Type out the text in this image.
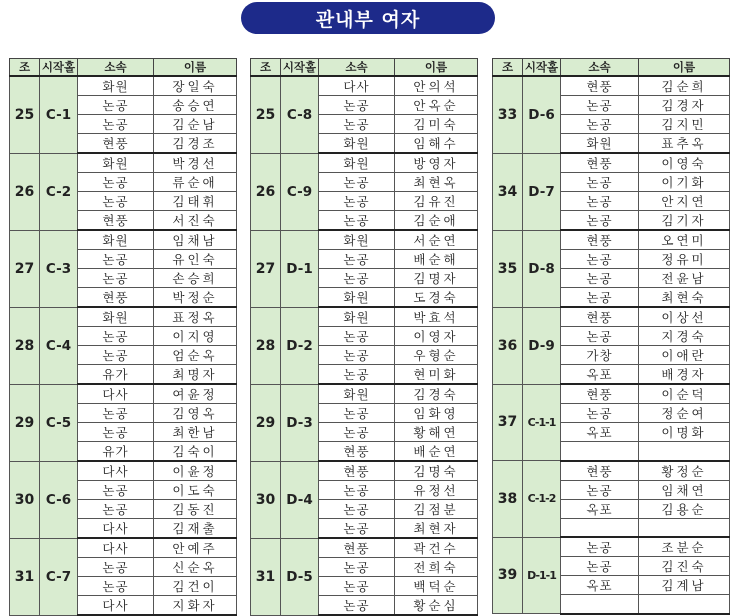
관내부 여자
조	시작홀	소속	이름
25	C-1	화원	장일숙
		논공	송승연
		논공	김순남
		현풍	김경조
26	C-2	화원	박경선
		논공	류순애
		논공	김태휘
		현풍	서진숙
27	C-3	화원	임채남
		논공	유인숙
		논공	손승희
		현풍	박정순
28	C-4	화원	표정옥
		논공	이지영
		논공	엄순옥
		유가	최명자
29	C-5	다사	여윤정
		논공	김영옥
		논공	최한남
		유가	김숙이
30	C-6	다사	이윤정
		논공	이도숙
		논공	김동진
		다사	김재출
31	C-7	다사	안예주
		논공	신순옥
		논공	김건이
		다사	지화자
조	시작홀	소속	이름
25	C-8	다사	안의석
		논공	안옥순
		논공	김미숙
		화원	임해수
26	C-9	화원	방영자
		논공	최현옥
		논공	김유진
		논공	김순애
27	D-1	화원	서순연
		논공	배순해
		논공	김명자
		화원	도경숙
28	D-2	화원	박효석
		논공	이영자
		논공	우형순
		논공	현미화
29	D-3	화원	김경숙
		논공	임화영
		논공	황해연
		현풍	배순연
30	D-4	현풍	김명숙
		논공	유정선
		논공	김점분
		논공	최현자
31	D-5	현풍	곽건수
		논공	전희숙
		논공	백덕순
		논공	황순심
조	시작홀	소속	이름
33	D-6	현풍	김순희
		논공	김경자
		논공	김지민
		화원	표추옥
34	D-7	현풍	이영숙
		논공	이기화
		논공	안지연
		논공	김기자
35	D-8	현풍	오연미
		논공	정유미
		논공	전윤남
		논공	최현숙
36	D-9	현풍	이상선
		논공	지경숙
		가창	이애란
		옥포	배경자
37	C-1-1	현풍	이순덕
		논공	정순여
		옥포	이명화

38	C-1-2	현풍	황정순
		논공	임채연
		옥포	김용순

39	D-1-1	논공	조분순
		논공	김진숙
		옥포	김계남
